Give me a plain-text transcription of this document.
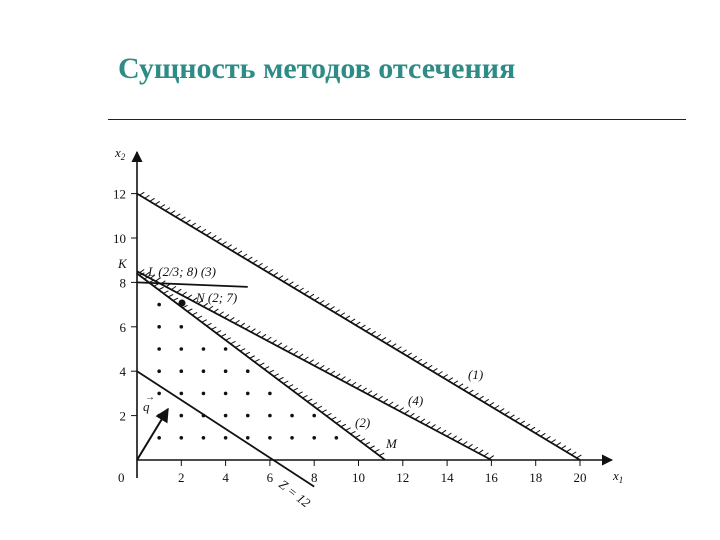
Сущность методов отсечения
2	4	6	8	10 12 14 16 18 20
2
4
6
8
10
12
$x_1$
$x_2$
0
q
→
K
L (2/3; 8) (3)
N (2; 7)
M
(1)
(4)
(2)
Z = 12
